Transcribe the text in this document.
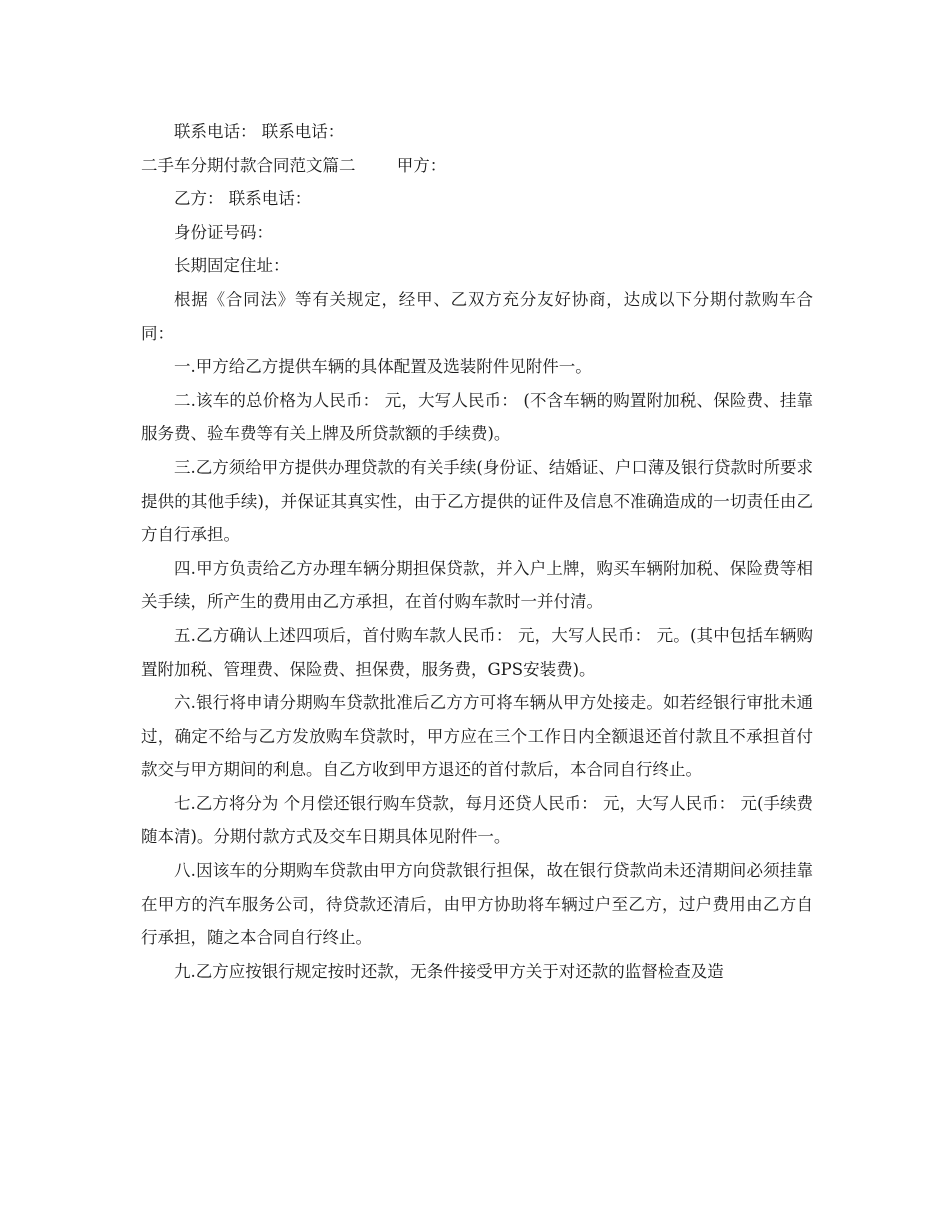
联系电话： 联系电话：

二手车分期付款合同范文篇二	甲方：

乙方： 联系电话：

身份证号码：

长期固定住址：

根据《合同法》等有关规定，经甲、乙双方充分友好协商，达成以下分期付款购车合同：

一.甲方给乙方提供车辆的具体配置及选装附件见附件一。

二.该车的总价格为人民币： 元，大写人民币： (不含车辆的购置附加税、保险费、挂靠服务费、验车费等有关上牌及所贷款额的手续费)。

三.乙方须给甲方提供办理贷款的有关手续(身份证、结婚证、户口薄及银行贷款时所要求提供的其他手续)，并保证其真实性，由于乙方提供的证件及信息不准确造成的一切责任由乙方自行承担。

四.甲方负责给乙方办理车辆分期担保贷款，并入户上牌，购买车辆附加税、保险费等相关手续，所产生的费用由乙方承担，在首付购车款时一并付清。

五.乙方确认上述四项后，首付购车款人民币： 元，大写人民币： 元。(其中包括车辆购置附加税、管理费、保险费、担保费，服务费，GPS安装费)。

六.银行将申请分期购车贷款批准后乙方方可将车辆从甲方处接走。如若经银行审批未通过，确定不给与乙方发放购车贷款时，甲方应在三个工作日内全额退还首付款且不承担首付款交与甲方期间的利息。自乙方收到甲方退还的首付款后，本合同自行终止。

七.乙方将分为 个月偿还银行购车贷款，每月还贷人民币： 元，大写人民币： 元(手续费随本清)。分期付款方式及交车日期具体见附件一。

八.因该车的分期购车贷款由甲方向贷款银行担保，故在银行贷款尚未还清期间必须挂靠在甲方的汽车服务公司，待贷款还清后，由甲方协助将车辆过户至乙方，过户费用由乙方自行承担，随之本合同自行终止。

九.乙方应按银行规定按时还款，无条件接受甲方关于对还款的监督检查及造
